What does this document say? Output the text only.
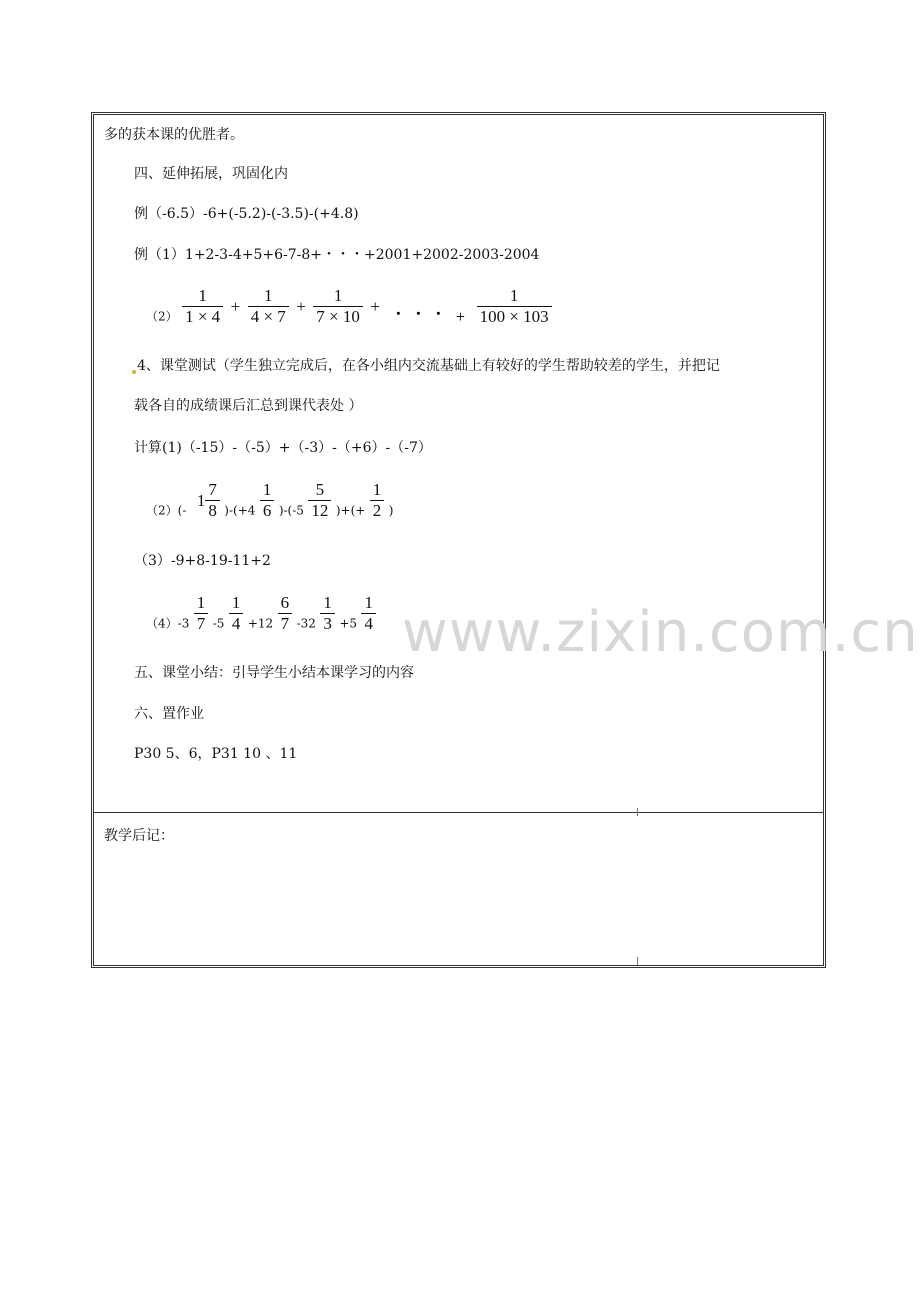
多的获本课的优胜者。
四、延伸拓展，巩固化内
例（-6.5）-6+(-5.2)-(-3.5)-(+4.8)
例（1）1+2-3-4+5+6-7-8+・・・+2001+2002-2003-2004
$(2) \frac{1}{1 \times 4} + \frac{1}{4 \times 7} + \frac{1}{7 \times 10}$ + ・・・ + $\frac{1}{100 \times 103}$
4、课堂测试（学生独立完成后，在各小组内交流基础上有较好的学生帮助较差的学生，并把记
载各自的成绩课后汇总到课代表处 ）
计算(1)（-15）-（-5）+（-3）-（+6）-（-7）
（2）(-
$1 \frac{7}{8} )-(+4 \frac{1}{6} )-(-5 \frac{5}{12}$ )+(+ $\frac{1}{2}$ )
（3）-9+8-19-11+2
$(4)-3 \frac{1}{7} -5 \frac{1}{4} +12 \frac{6}{7} -32 \frac{1}{3} +5 \frac{1}{4}$ www.zixin.com.cn
五、课堂小结：引导学生小结本课学习的内容
六、置作业
P30 5、6，P31 10 、11
教学后记：
